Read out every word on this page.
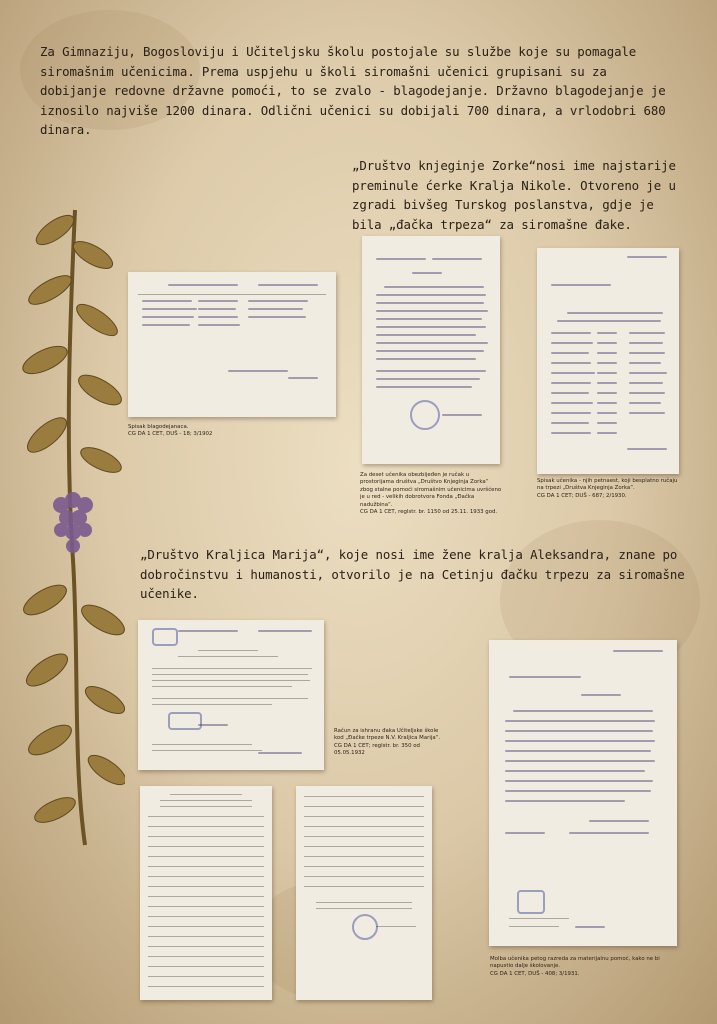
Za Gimnaziju, Bogosloviju i Učiteljsku školu postojale su službe koje su pomagale siromašnim učenicima. Prema uspjehu u školi siromašni učenici grupisani su za dobijanje redovne državne pomoći, to se zvalo - blagodejanje. Državno blagodejanje je iznosilo najviše 1200 dinara. Odlični učenici su dobijali 700 dinara, a vrlodobri 680 dinara.
„Društvo knjeginje Zorke“nosi ime najstarije preminule ćerke Kralja Nikole. Otvoreno je u zgradi bivšeg Turskog poslanstva, gdje je bila „đačka trpeza“ za siromašne đake.
„Društvo Kraljica Marija“, koje nosi ime žene kralja Aleksandra, znane po dobročinstvu i humanosti, otvorilo je na Cetinju đačku trpezu za siromašne učenike.
Spisak blagodejanaca.
CG DA 1 CET, DUŠ - 18; 3/1902
Za deset učenika obezbijeđen je ručak u prostorijama društva „Društvo Knjeginja Zorka“ zbog stalne pomoći siromašnim učenicima uvršćeno je u red - velikih dobrotvora Fonda „Đačka nadužbina“.
CG DA 1 CET, reglstr. br. 1150 od 25.11. 1933 god.
Spisak učenika - njih petnaest, koji besplatno ručaju na trpezi „Društva Knjeginja Zorka“.
CG DA 1 CET; DUŠ - 687; 2/1930.
Račun za ishranu đaka Učiteljske škole kod „Đačke trpeze N.V. Kraljica Marija“.
CG DA 1 CET; reglstr. br. 350 od 05.05.1932
Molba učenika petog razreda za materijalnu pomoć, kako ne bi napustio dalje školovanje.
CG DA 1 CET, DUŠ - 408; 3/1931.
